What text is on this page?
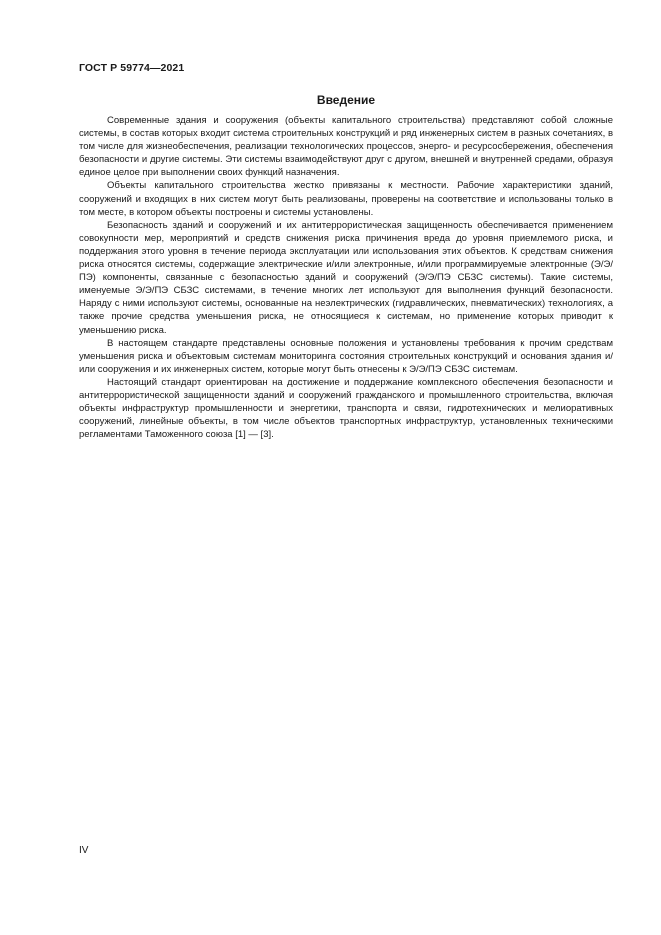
ГОСТ Р 59774—2021
Введение

Современные здания и сооружения (объекты капитального строительства) представляют собой сложные системы, в состав которых входит система строительных конструкций и ряд инженерных систем в разных сочетаниях, в том числе для жизнеобеспечения, реализации технологических процессов, энерго- и ресурсосбережения, обеспечения безопасности и другие системы. Эти системы взаимодействуют друг с другом, внешней и внутренней средами, образуя единое целое при выполнении своих функций назначения.

Объекты капитального строительства жестко привязаны к местности. Рабочие характеристики зданий, сооружений и входящих в них систем могут быть реализованы, проверены на соответствие и использованы только в том месте, в котором объекты построены и системы установлены.

Безопасность зданий и сооружений и их антитеррористическая защищенность обеспечивается применением совокупности мер, мероприятий и средств снижения риска причинения вреда до уровня приемлемого риска, и поддержания этого уровня в течение периода эксплуатации или использования этих объектов. К средствам снижения риска относятся системы, содержащие электрические и/или электронные, и/или программируемые электронные (Э/Э/ПЭ) компоненты, связанные с безопасностью зданий и сооружений (Э/Э/ПЭ СБЗС системы). Такие системы, именуемые Э/Э/ПЭ СБЗС системами, в течение многих лет используют для выполнения функций безопасности. Наряду с ними используют системы, основанные на неэлектрических (гидравлических, пневматических) технологиях, а также прочие средства уменьшения риска, не относящиеся к системам, но применение которых приводит к уменьшению риска.

В настоящем стандарте представлены основные положения и установлены требования к прочим средствам уменьшения риска и объектовым системам мониторинга состояния строительных конструкций и основания здания и/или сооружения и их инженерных систем, которые могут быть отнесены к Э/Э/ПЭ СБЗС системам.

Настоящий стандарт ориентирован на достижение и поддержание комплексного обеспечения безопасности и антитеррористической защищенности зданий и сооружений гражданского и промышленного строительства, включая объекты инфраструктур промышленности и энергетики, транспорта и связи, гидротехнических и мелиоративных сооружений, линейные объекты, в том числе объектов транспортных инфраструктур, установленных техническими регламентами Таможенного союза [1] — [3].

IV
